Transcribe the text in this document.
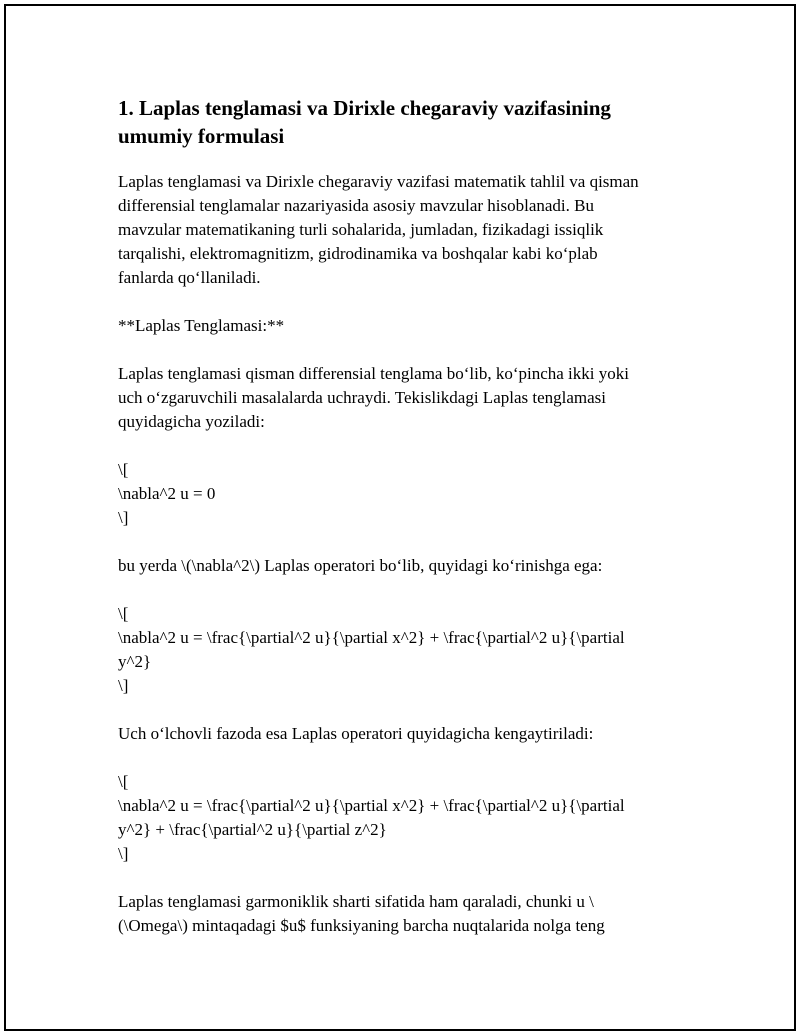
1. Laplas tenglamasi va Dirixle chegaraviy vazifasining
umumiy formulasi
Laplas tenglamasi va Dirixle chegaraviy vazifasi matematik tahlil va qisman
differensial tenglamalar nazariyasida asosiy mavzular hisoblanadi. Bu
mavzular matematikaning turli sohalarida, jumladan, fizikadagi issiqlik
tarqalishi, elektromagnitizm, gidrodinamika va boshqalar kabi ko‘plab
fanlarda qo‘llaniladi.
**Laplas Tenglamasi:**
Laplas tenglamasi qisman differensial tenglama bo‘lib, ko‘pincha ikki yoki
uch o‘zgaruvchili masalalarda uchraydi. Tekislikdagi Laplas tenglamasi
quyidagicha yoziladi:
\[
\nabla^2 u = 0
\]
bu yerda \(\nabla^2\) Laplas operatori bo‘lib, quyidagi ko‘rinishga ega:
\[
\nabla^2 u = \frac{\partial^2 u}{\partial x^2} + \frac{\partial^2 u}{\partial
y^2}
\]
Uch o‘lchovli fazoda esa Laplas operatori quyidagicha kengaytiriladi:
\[
\nabla^2 u = \frac{\partial^2 u}{\partial x^2} + \frac{\partial^2 u}{\partial
y^2} + \frac{\partial^2 u}{\partial z^2}
\]
Laplas tenglamasi garmoniklik sharti sifatida ham qaraladi, chunki u \
(\Omega\) mintaqadagi $u$ funksiyaning barcha nuqtalarida nolga teng
